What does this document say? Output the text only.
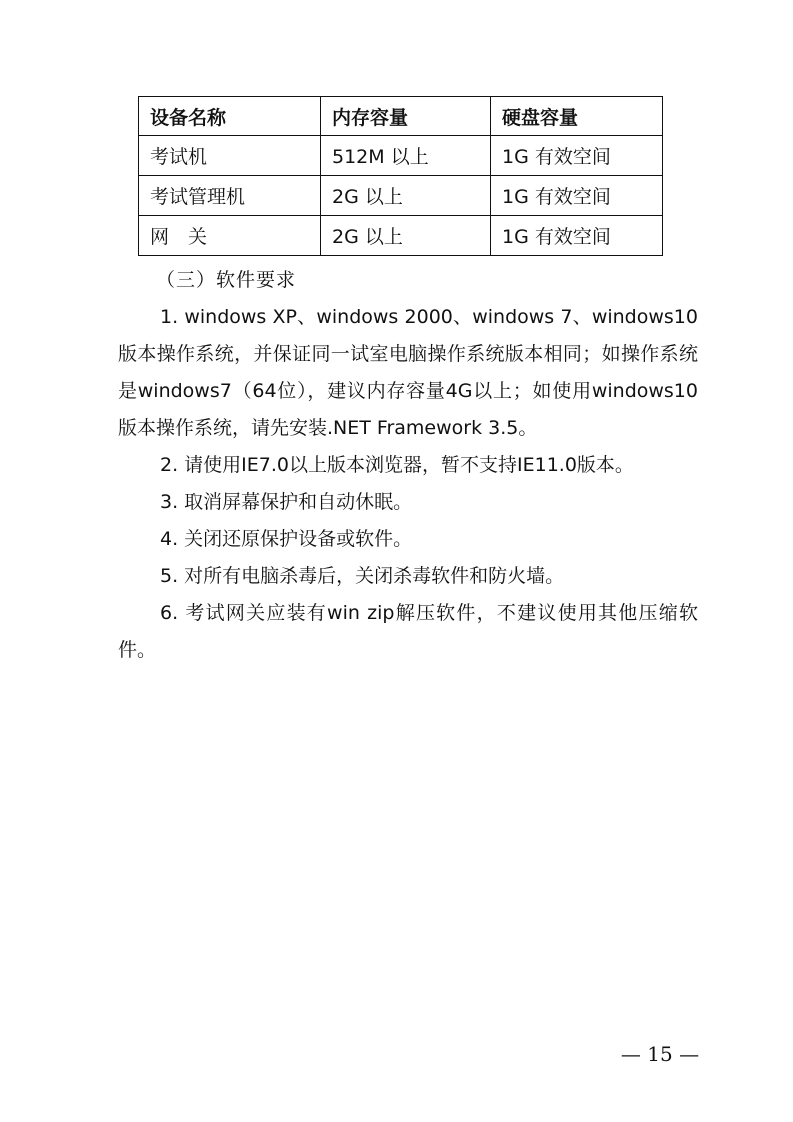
设备名称	内存容量	硬盘容量
考试机	512M 以上	1G 有效空间
考试管理机	2G 以上	1G 有效空间
网　关	2G 以上	1G 有效空间

（三）软件要求

1. windows XP、windows 2000、windows 7、windows10版本操作系统，并保证同一试室电脑操作系统版本相同；如操作系统是windows7（64位），建议内存容量4G以上；如使用windows10版本操作系统，请先安装.NET Framework 3.5。

2. 请使用IE7.0以上版本浏览器，暂不支持IE11.0版本。

3. 取消屏幕保护和自动休眠。

4. 关闭还原保护设备或软件。

5. 对所有电脑杀毒后，关闭杀毒软件和防火墙。

6. 考试网关应装有win zip解压软件，不建议使用其他压缩软件。

— 15 —
